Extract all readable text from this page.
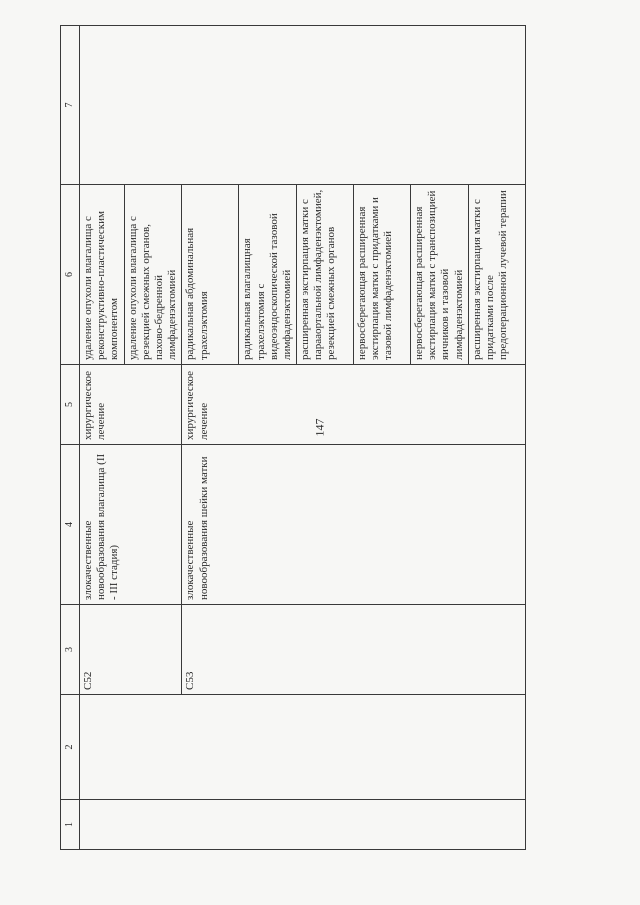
147
1	2	3	4	5	6	7

		C52	злокачественные новообразования влагалища (II - III стадия)	хирургическое лечение	удаление опухоли влагалища с реконструктивно-пластическим компонентом	

					удаление опухоли влагалища с резекцией смежных органов, пахово-бедренной лимфаденэктомией	

		C53	злокачественные новообразования шейки матки	хирургическое лечение	радикальная абдоминальная трахелэктомия	

					радикальная влагалищная трахелэктомия с видеоэндоскопической тазовой лимфаденэктомией	

					расширенная экстирпация матки с парааортальной лимфаденэктомией, резекцией смежных органов	

					нервосберегающая расширенная экстирпация матки с придатками и тазовой лимфаденэктомией	

					нервосберегающая расширенная экстирпация матки с транспозицией яичников и тазовой лимфаденэктомией	

					расширенная экстирпация матки с придатками после предоперационной лучевой терапии	
